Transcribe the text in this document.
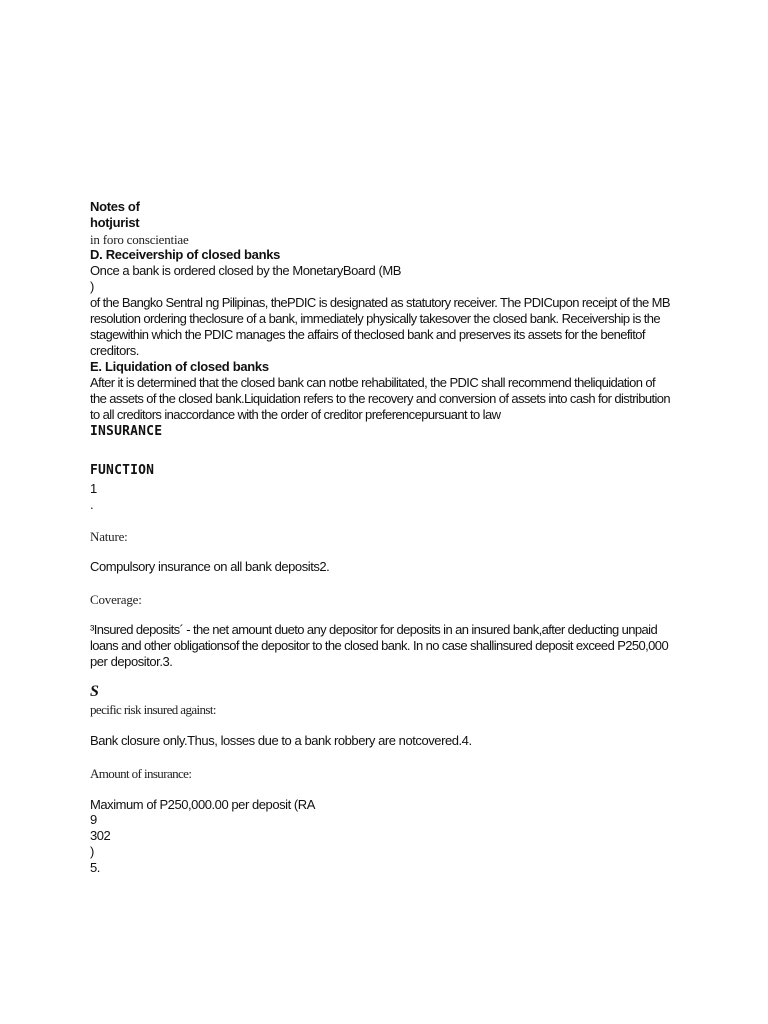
Notes of
hotjurist
in foro conscientiae
D. Receivership of closed banks
Once a bank is ordered closed by the MonetaryBoard (MB
)
of the Bangko Sentral ng Pilipinas, thePDIC is designated as statutory receiver. The PDICupon receipt of the MB
resolution ordering theclosure of a bank, immediately physically takesover the closed bank. Receivership is the
stagewithin which the PDIC manages the affairs of theclosed bank and preserves its assets for the benefitof
creditors.
E. Liquidation of closed banks
After it is determined that the closed bank can notbe rehabilitated, the PDIC shall recommend theliquidation of
the assets of the closed bank.Liquidation refers to the recovery and conversion of assets into cash for distribution
to all creditors inaccordance with the order of creditor preferencepursuant to law
INSURANCE
FUNCTION
1
.
Nature:
Compulsory insurance on all bank deposits2.
Coverage:
³Insured deposits´ - the net amount dueto any depositor for deposits in an insured bank,after deducting unpaid
loans and other obligationsof the depositor to the closed bank. In no case shallinsured deposit exceed P250,000
per depositor.3.
S
pecific risk insured against:
Bank closure only.Thus, losses due to a bank robbery are notcovered.4.
Amount of insurance:
Maximum of P250,000.00 per deposit (RA
9
302
)
5.
